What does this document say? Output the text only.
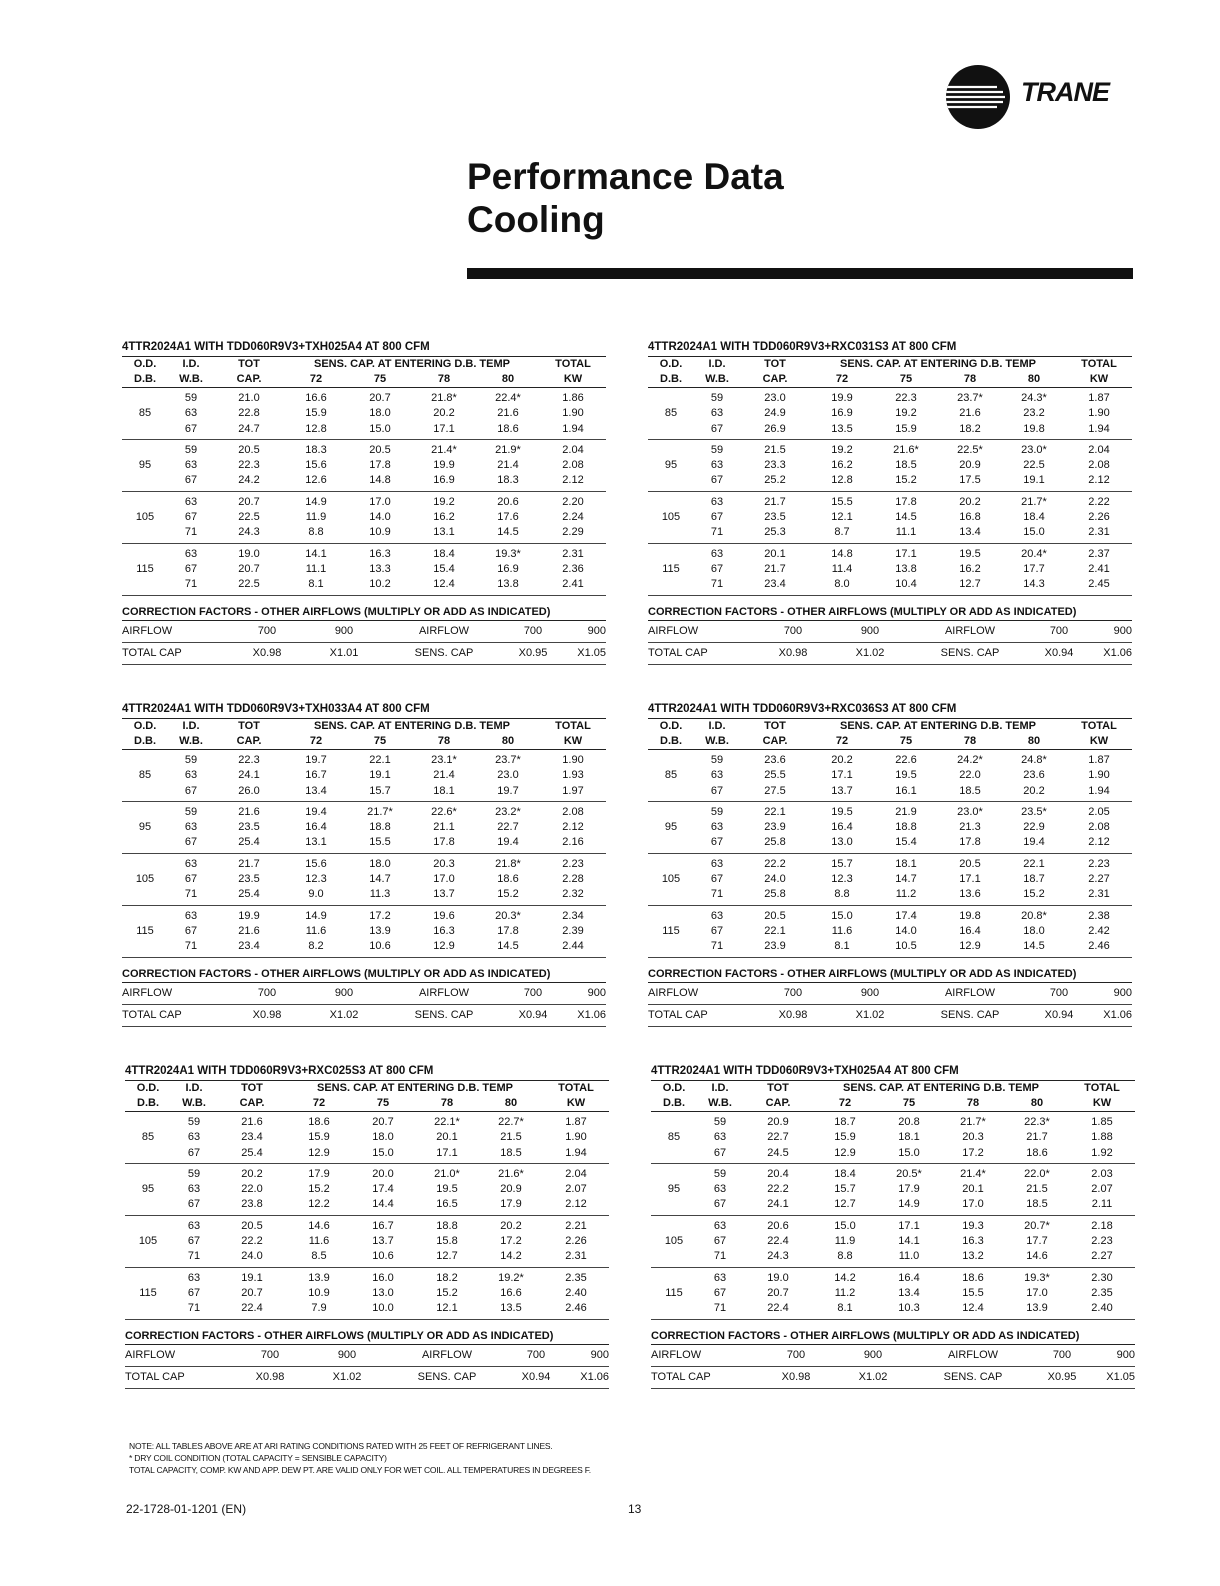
TRANE
Performance Data
Cooling
4TTR2024A1 WITH TDD060R9V3+TXH025A4 AT 800 CFM
O.D.	I.D.	TOT	SENS. CAP. AT ENTERING D.B. TEMP				TOTAL
D.B.	W.B.	CAP.	72	75	78	80	KW
	59	21.0	16.6	20.7	21.8*	22.4*	1.86
85	63	22.8	15.9	18.0	20.2	21.6	1.90
	67	24.7	12.8	15.0	17.1	18.6	1.94
	59	20.5	18.3	20.5	21.4*	21.9*	2.04
95	63	22.3	15.6	17.8	19.9	21.4	2.08
	67	24.2	12.6	14.8	16.9	18.3	2.12
	63	20.7	14.9	17.0	19.2	20.6	2.20
105	67	22.5	11.9	14.0	16.2	17.6	2.24
	71	24.3	8.8	10.9	13.1	14.5	2.29
	63	19.0	14.1	16.3	18.4	19.3*	2.31
115	67	20.7	11.1	13.3	15.4	16.9	2.36
	71	22.5	8.1	10.2	12.4	13.8	2.41
CORRECTION FACTORS - OTHER AIRFLOWS (MULTIPLY OR ADD AS INDICATED)
AIRFLOW	700	900	AIRFLOW	700	900
TOTAL CAP	X0.98	X1.01	SENS. CAP	X0.95	X1.05
4TTR2024A1 WITH TDD060R9V3+RXC031S3 AT 800 CFM
O.D.	I.D.	TOT	SENS. CAP. AT ENTERING D.B. TEMP				TOTAL
D.B.	W.B.	CAP.	72	75	78	80	KW
	59	23.0	19.9	22.3	23.7*	24.3*	1.87
85	63	24.9	16.9	19.2	21.6	23.2	1.90
	67	26.9	13.5	15.9	18.2	19.8	1.94
	59	21.5	19.2	21.6*	22.5*	23.0*	2.04
95	63	23.3	16.2	18.5	20.9	22.5	2.08
	67	25.2	12.8	15.2	17.5	19.1	2.12
	63	21.7	15.5	17.8	20.2	21.7*	2.22
105	67	23.5	12.1	14.5	16.8	18.4	2.26
	71	25.3	8.7	11.1	13.4	15.0	2.31
	63	20.1	14.8	17.1	19.5	20.4*	2.37
115	67	21.7	11.4	13.8	16.2	17.7	2.41
	71	23.4	8.0	10.4	12.7	14.3	2.45
CORRECTION FACTORS - OTHER AIRFLOWS (MULTIPLY OR ADD AS INDICATED)
AIRFLOW	700	900	AIRFLOW	700	900
TOTAL CAP	X0.98	X1.02	SENS. CAP	X0.94	X1.06
4TTR2024A1 WITH TDD060R9V3+TXH033A4 AT 800 CFM
O.D.	I.D.	TOT	SENS. CAP. AT ENTERING D.B. TEMP				TOTAL
D.B.	W.B.	CAP.	72	75	78	80	KW
	59	22.3	19.7	22.1	23.1*	23.7*	1.90
85	63	24.1	16.7	19.1	21.4	23.0	1.93
	67	26.0	13.4	15.7	18.1	19.7	1.97
	59	21.6	19.4	21.7*	22.6*	23.2*	2.08
95	63	23.5	16.4	18.8	21.1	22.7	2.12
	67	25.4	13.1	15.5	17.8	19.4	2.16
	63	21.7	15.6	18.0	20.3	21.8*	2.23
105	67	23.5	12.3	14.7	17.0	18.6	2.28
	71	25.4	9.0	11.3	13.7	15.2	2.32
	63	19.9	14.9	17.2	19.6	20.3*	2.34
115	67	21.6	11.6	13.9	16.3	17.8	2.39
	71	23.4	8.2	10.6	12.9	14.5	2.44
CORRECTION FACTORS - OTHER AIRFLOWS (MULTIPLY OR ADD AS INDICATED)
AIRFLOW	700	900	AIRFLOW	700	900
TOTAL CAP	X0.98	X1.02	SENS. CAP	X0.94	X1.06
4TTR2024A1 WITH TDD060R9V3+RXC036S3 AT 800 CFM
O.D.	I.D.	TOT	SENS. CAP. AT ENTERING D.B. TEMP				TOTAL
D.B.	W.B.	CAP.	72	75	78	80	KW
	59	23.6	20.2	22.6	24.2*	24.8*	1.87
85	63	25.5	17.1	19.5	22.0	23.6	1.90
	67	27.5	13.7	16.1	18.5	20.2	1.94
	59	22.1	19.5	21.9	23.0*	23.5*	2.05
95	63	23.9	16.4	18.8	21.3	22.9	2.08
	67	25.8	13.0	15.4	17.8	19.4	2.12
	63	22.2	15.7	18.1	20.5	22.1	2.23
105	67	24.0	12.3	14.7	17.1	18.7	2.27
	71	25.8	8.8	11.2	13.6	15.2	2.31
	63	20.5	15.0	17.4	19.8	20.8*	2.38
115	67	22.1	11.6	14.0	16.4	18.0	2.42
	71	23.9	8.1	10.5	12.9	14.5	2.46
CORRECTION FACTORS - OTHER AIRFLOWS (MULTIPLY OR ADD AS INDICATED)
AIRFLOW	700	900	AIRFLOW	700	900
TOTAL CAP	X0.98	X1.02	SENS. CAP	X0.94	X1.06
4TTR2024A1 WITH TDD060R9V3+RXC025S3 AT 800 CFM
O.D.	I.D.	TOT	SENS. CAP. AT ENTERING D.B. TEMP				TOTAL
D.B.	W.B.	CAP.	72	75	78	80	KW
	59	21.6	18.6	20.7	22.1*	22.7*	1.87
85	63	23.4	15.9	18.0	20.1	21.5	1.90
	67	25.4	12.9	15.0	17.1	18.5	1.94
	59	20.2	17.9	20.0	21.0*	21.6*	2.04
95	63	22.0	15.2	17.4	19.5	20.9	2.07
	67	23.8	12.2	14.4	16.5	17.9	2.12
	63	20.5	14.6	16.7	18.8	20.2	2.21
105	67	22.2	11.6	13.7	15.8	17.2	2.26
	71	24.0	8.5	10.6	12.7	14.2	2.31
	63	19.1	13.9	16.0	18.2	19.2*	2.35
115	67	20.7	10.9	13.0	15.2	16.6	2.40
	71	22.4	7.9	10.0	12.1	13.5	2.46
CORRECTION FACTORS - OTHER AIRFLOWS (MULTIPLY OR ADD AS INDICATED)
AIRFLOW	700	900	AIRFLOW	700	900
TOTAL CAP	X0.98	X1.02	SENS. CAP	X0.94	X1.06
4TTR2024A1 WITH TDD060R9V3+TXH025A4 AT 800 CFM
O.D.	I.D.	TOT	SENS. CAP. AT ENTERING D.B. TEMP				TOTAL
D.B.	W.B.	CAP.	72	75	78	80	KW
	59	20.9	18.7	20.8	21.7*	22.3*	1.85
85	63	22.7	15.9	18.1	20.3	21.7	1.88
	67	24.5	12.9	15.0	17.2	18.6	1.92
	59	20.4	18.4	20.5*	21.4*	22.0*	2.03
95	63	22.2	15.7	17.9	20.1	21.5	2.07
	67	24.1	12.7	14.9	17.0	18.5	2.11
	63	20.6	15.0	17.1	19.3	20.7*	2.18
105	67	22.4	11.9	14.1	16.3	17.7	2.23
	71	24.3	8.8	11.0	13.2	14.6	2.27
	63	19.0	14.2	16.4	18.6	19.3*	2.30
115	67	20.7	11.2	13.4	15.5	17.0	2.35
	71	22.4	8.1	10.3	12.4	13.9	2.40
CORRECTION FACTORS - OTHER AIRFLOWS (MULTIPLY OR ADD AS INDICATED)
AIRFLOW	700	900	AIRFLOW	700	900
TOTAL CAP	X0.98	X1.02	SENS. CAP	X0.95	X1.05
NOTE: ALL TABLES ABOVE ARE AT ARI RATING CONDITIONS RATED WITH 25 FEET OF REFRIGERANT LINES.
* DRY COIL CONDITION (TOTAL CAPACITY = SENSIBLE CAPACITY)
TOTAL CAPACITY, COMP. KW AND APP. DEW PT. ARE VALID ONLY FOR WET COIL. ALL TEMPERATURES IN DEGREES F.
22-1728-01-1201 (EN)	13
